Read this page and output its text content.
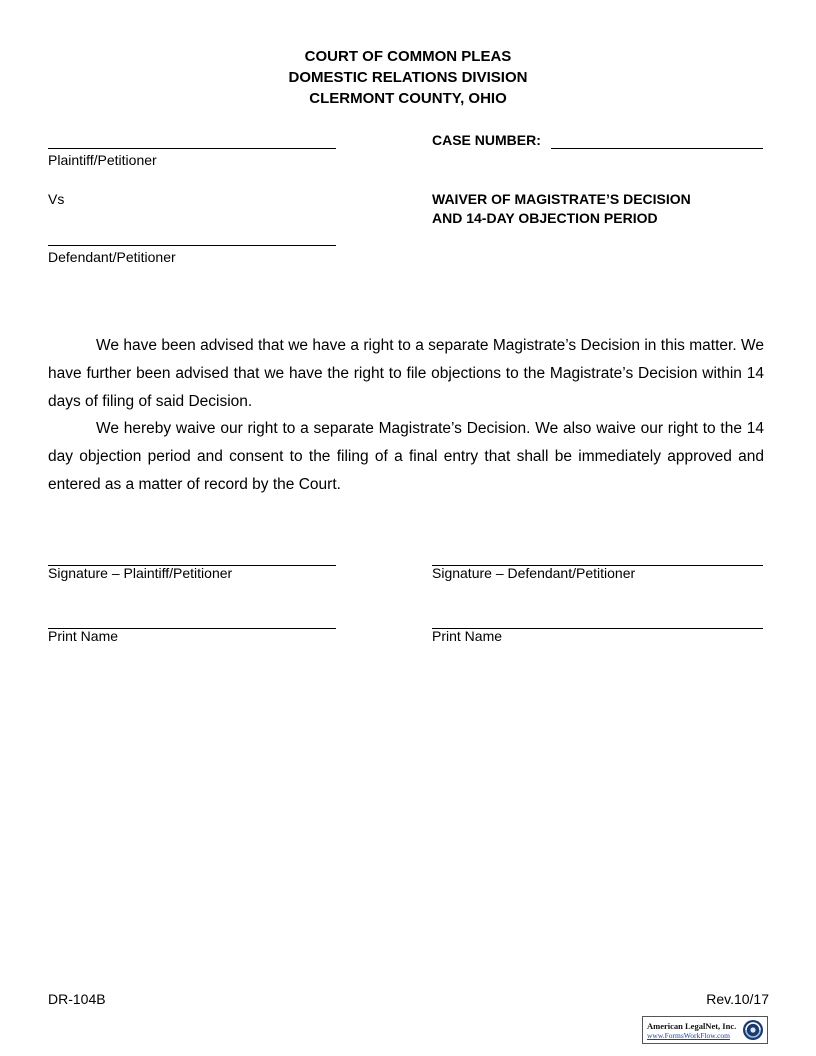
COURT OF COMMON PLEAS
DOMESTIC RELATIONS DIVISION
CLERMONT COUNTY, OHIO
Plaintiff/Petitioner
Vs
Defendant/Petitioner
CASE NUMBER:
WAIVER OF MAGISTRATE’S DECISION
AND 14-DAY OBJECTION PERIOD

We have been advised that we have a right to a separate Magistrate’s Decision in this matter. We have further been advised that we have the right to file objections to the Magistrate’s Decision within 14 days of filing of said Decision.

We hereby waive our right to a separate Magistrate’s Decision. We also waive our right to the 14 day objection period and consent to the filing of a final entry that shall be immediately approved and entered as a matter of record by the Court.

Signature – Plaintiff/Petitioner	Signature – Defendant/Petitioner
Print Name	Print Name
DR-104B	Rev.10/17
American LegalNet, Inc.
www.FormsWorkFlow.com
